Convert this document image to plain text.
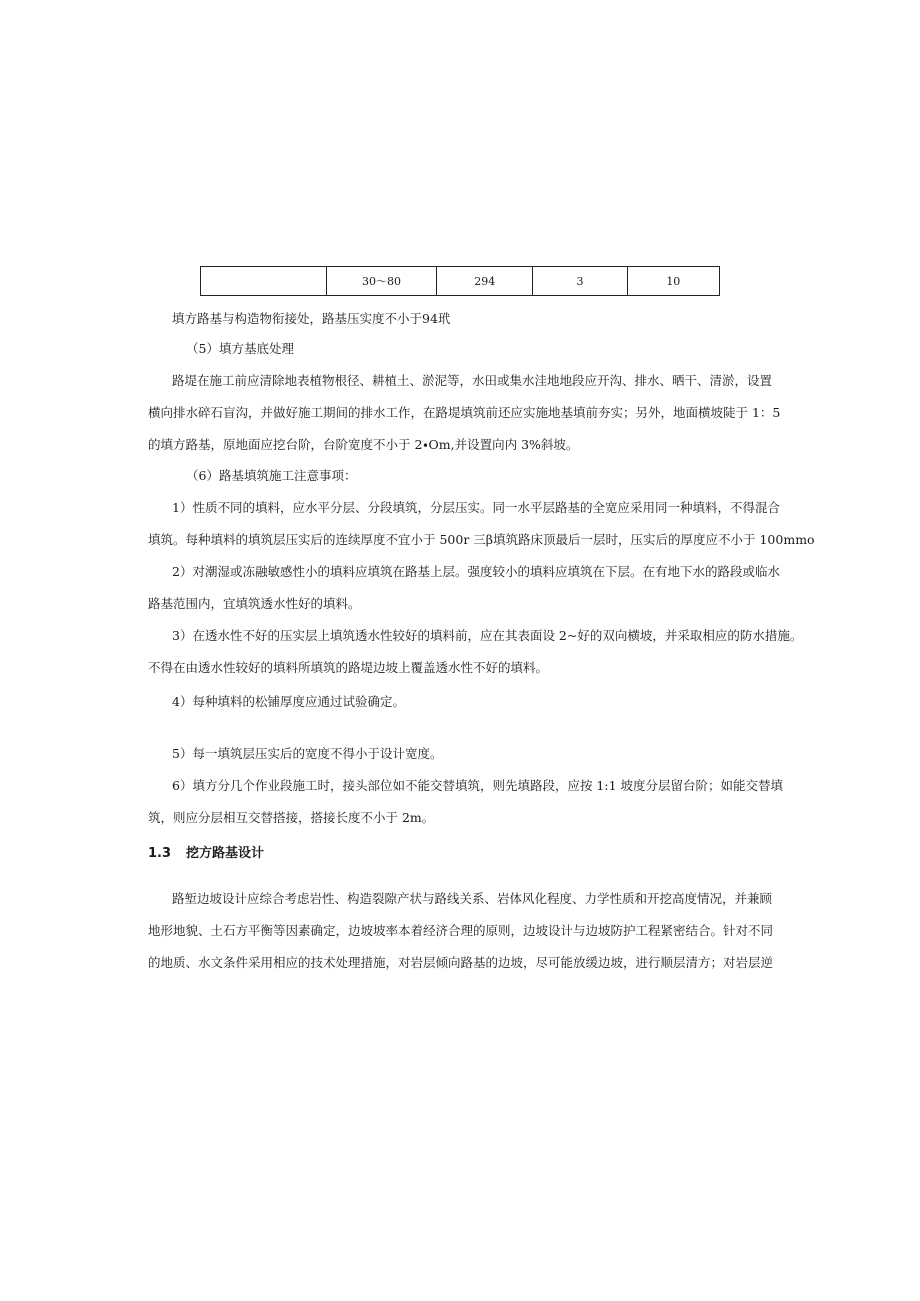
	30～80	294	3	10
填方路基与构造物衔接处，路基压实度不小于94玳
（5）填方基底处理
路堤在施工前应清除地表植物根径、耕植土、淤泥等，水田或集水洼地地段应开沟、排水、晒干、清淤，设置
横向排水碎石盲沟，并做好施工期间的排水工作，在路堤填筑前还应实施地基填前夯实；另外，地面横坡陡于 1：5
的填方路基，原地面应挖台阶，台阶宽度不小于 2∙Om,并设置向内 3%斜坡。
（6）路基填筑施工注意事项：
1）性质不同的填料，应水平分层、分段填筑，分层压实。同一水平层路基的全宽应采用同一种填料，不得混合
填筑。每种填料的填筑层压实后的连续厚度不宜小于 500r 三β填筑路床顶最后一层时，压实后的厚度应不小于 100mmo
2）对潮湿或冻融敏感性小的填料应填筑在路基上层。强度较小的填料应填筑在下层。在有地下水的路段或临水
路基范围内，宜填筑透水性好的填料。
3）在透水性不好的压实层上填筑透水性较好的填料前，应在其表面设 2~好的双向横坡，并采取相应的防水措施。
不得在由透水性较好的填料所填筑的路堤边坡上覆盖透水性不好的填料。
4）每种填料的松铺厚度应通过试验确定。
5）每一填筑层压实后的宽度不得小于设计宽度。
6）填方分几个作业段施工时，接头部位如不能交替填筑，则先填路段，应按 1:1 坡度分层留台阶；如能交替填
筑，则应分层相互交替搭接，搭接长度不小于 2m。
1.3 挖方路基设计
路堑边坡设计应综合考虑岩性、构造裂隙产状与路线关系、岩体风化程度、力学性质和开挖高度情况，并兼顾
地形地貌、土石方平衡等因素确定，边坡坡率本着经济合理的原则，边坡设计与边坡防护工程紧密结合。针对不同
的地质、水文条件采用相应的技术处理措施，对岩层倾向路基的边坡，尽可能放缓边坡，进行顺层清方；对岩层逆
